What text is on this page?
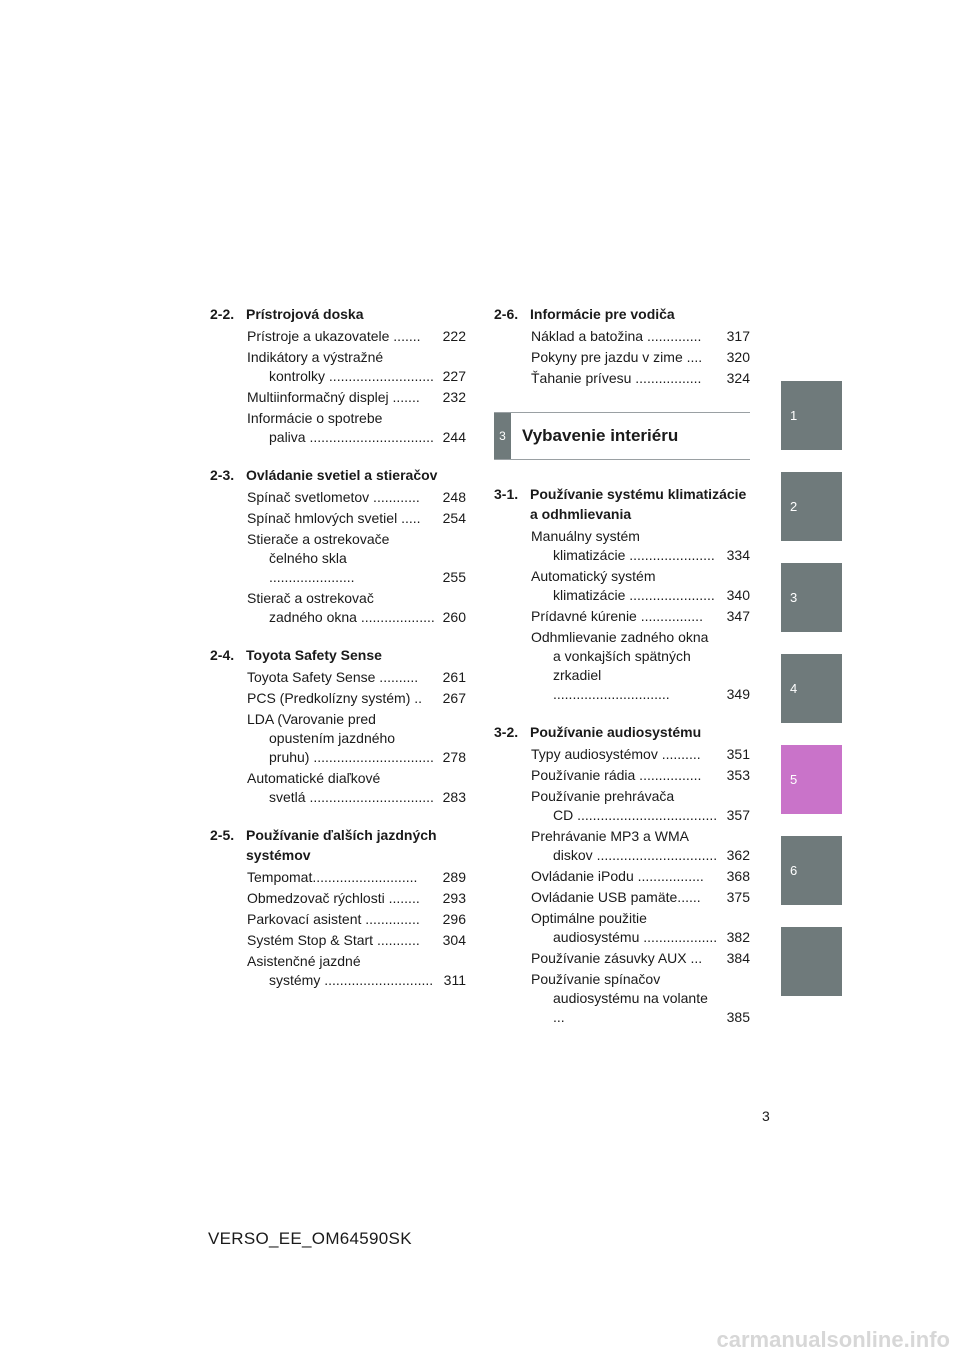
2-2. Prístrojová doska
Prístroje a ukazovatele .......	222
Indikátory a výstražné
kontrolky ........................... 227
Multiinformačný displej .......	232
Informácie o spotrebe
paliva ................................ 244
2-3. Ovládanie svetiel a stieračov
Spínač svetlometov ............	248
Spínač hmlových svetiel .....	254
Stierače a ostrekovače
čelného skla ......................	255
Stierač a ostrekovač
zadného okna ................... 260
2-4. Toyota Safety Sense
Toyota Safety Sense ..........	261
PCS (Predkolízny systém) ..	267
LDA (Varovanie pred
opustením jazdného
pruhu) ............................... 278
Automatické diaľkové
svetlá ................................ 283
2-5. Používanie ďalších jazdných systémov
Tempomat...........................	289
Obmedzovač rýchlosti ........	293
Parkovací asistent ..............	296
Systém Stop & Start ...........	304
Asistenčné jazdné
systémy ............................ 311
2-6. Informácie pre vodiča
Náklad a batožina ..............	317
Pokyny pre jazdu v zime ....	320
Ťahanie prívesu .................	324
3 Vybavenie interiéru
3-1. Používanie systému klimatizácie a odhmlievania
Manuálny systém
klimatizácie ...................... 334
Automatický systém
klimatizácie ...................... 340
Prídavné kúrenie ................	347
Odhmlievanie zadného okna
a vonkajších spätných
zrkadiel ..............................	349
3-2. Používanie audiosystému
Typy audiosystémov ..........	351
Používanie rádia ................	353
Používanie prehrávača
CD .................................... 357
Prehrávanie MP3 a WMA
diskov ............................... 362
Ovládanie iPodu .................	368
Ovládanie USB pamäte......	375
Optimálne použitie
audiosystému ................... 382
Používanie zásuvky AUX ...	384
Používanie spínačov
audiosystému na volante ...	385
1
2
3
4
5
6
3
VERSO_EE_OM64590SK
carmanualsonline.info
